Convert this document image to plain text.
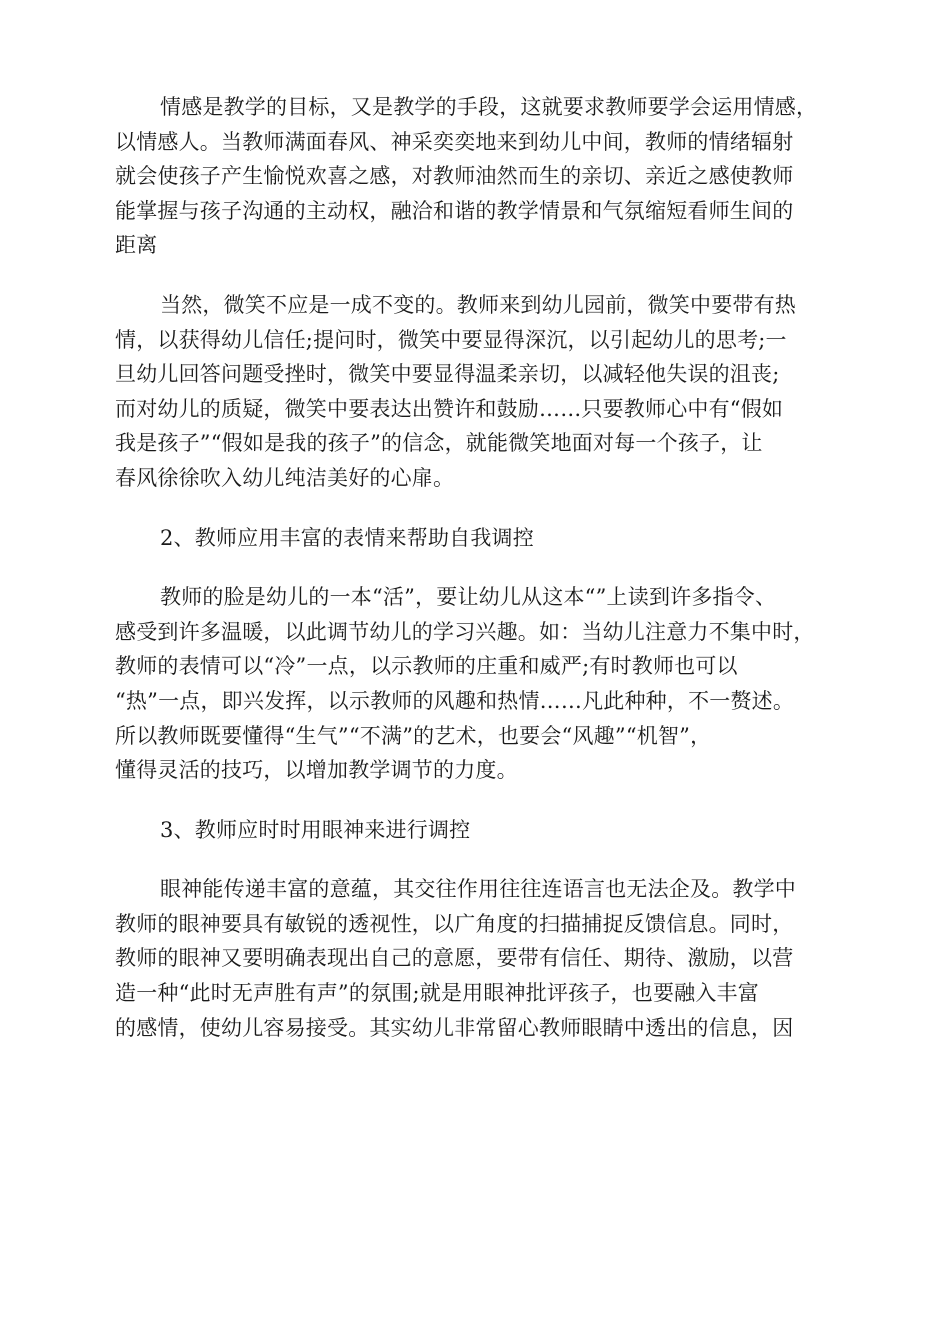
情感是教学的目标，又是教学的手段，这就要求教师要学会运用情感，
以情感人。当教师满面春风、神采奕奕地来到幼儿中间，教师的情绪辐射
就会使孩子产生愉悦欢喜之感，对教师油然而生的亲切、亲近之感使教师
能掌握与孩子沟通的主动权，融洽和谐的教学情景和气氛缩短看师生间的
距离
当然，微笑不应是一成不变的。教师来到幼儿园前，微笑中要带有热
情，以获得幼儿信任;提问时，微笑中要显得深沉，以引起幼儿的思考;一
旦幼儿回答问题受挫时，微笑中要显得温柔亲切，以减轻他失误的沮丧;
而对幼儿的质疑，微笑中要表达出赞许和鼓励……只要教师心中有“假如
我是孩子”“假如是我的孩子”的信念，就能微笑地面对每一个孩子，让
春风徐徐吹入幼儿纯洁美好的心扉。
2、教师应用丰富的表情来帮助自我调控
教师的脸是幼儿的一本“活”，要让幼儿从这本“”上读到许多指令、
感受到许多温暖，以此调节幼儿的学习兴趣。如：当幼儿注意力不集中时，
教师的表情可以“冷”一点，以示教师的庄重和威严;有时教师也可以
“热”一点，即兴发挥，以示教师的风趣和热情……凡此种种，不一赘述。
所以教师既要懂得“生气”“不满”的艺术，也要会“风趣”“机智”，
懂得灵活的技巧，以增加教学调节的力度。
3、教师应时时用眼神来进行调控
眼神能传递丰富的意蕴，其交往作用往往连语言也无法企及。教学中
教师的眼神要具有敏锐的透视性，以广角度的扫描捕捉反馈信息。同时，
教师的眼神又要明确表现出自己的意愿，要带有信任、期待、激励，以营
造一种“此时无声胜有声”的氛围;就是用眼神批评孩子，也要融入丰富
的感情，使幼儿容易接受。其实幼儿非常留心教师眼睛中透出的信息，因
